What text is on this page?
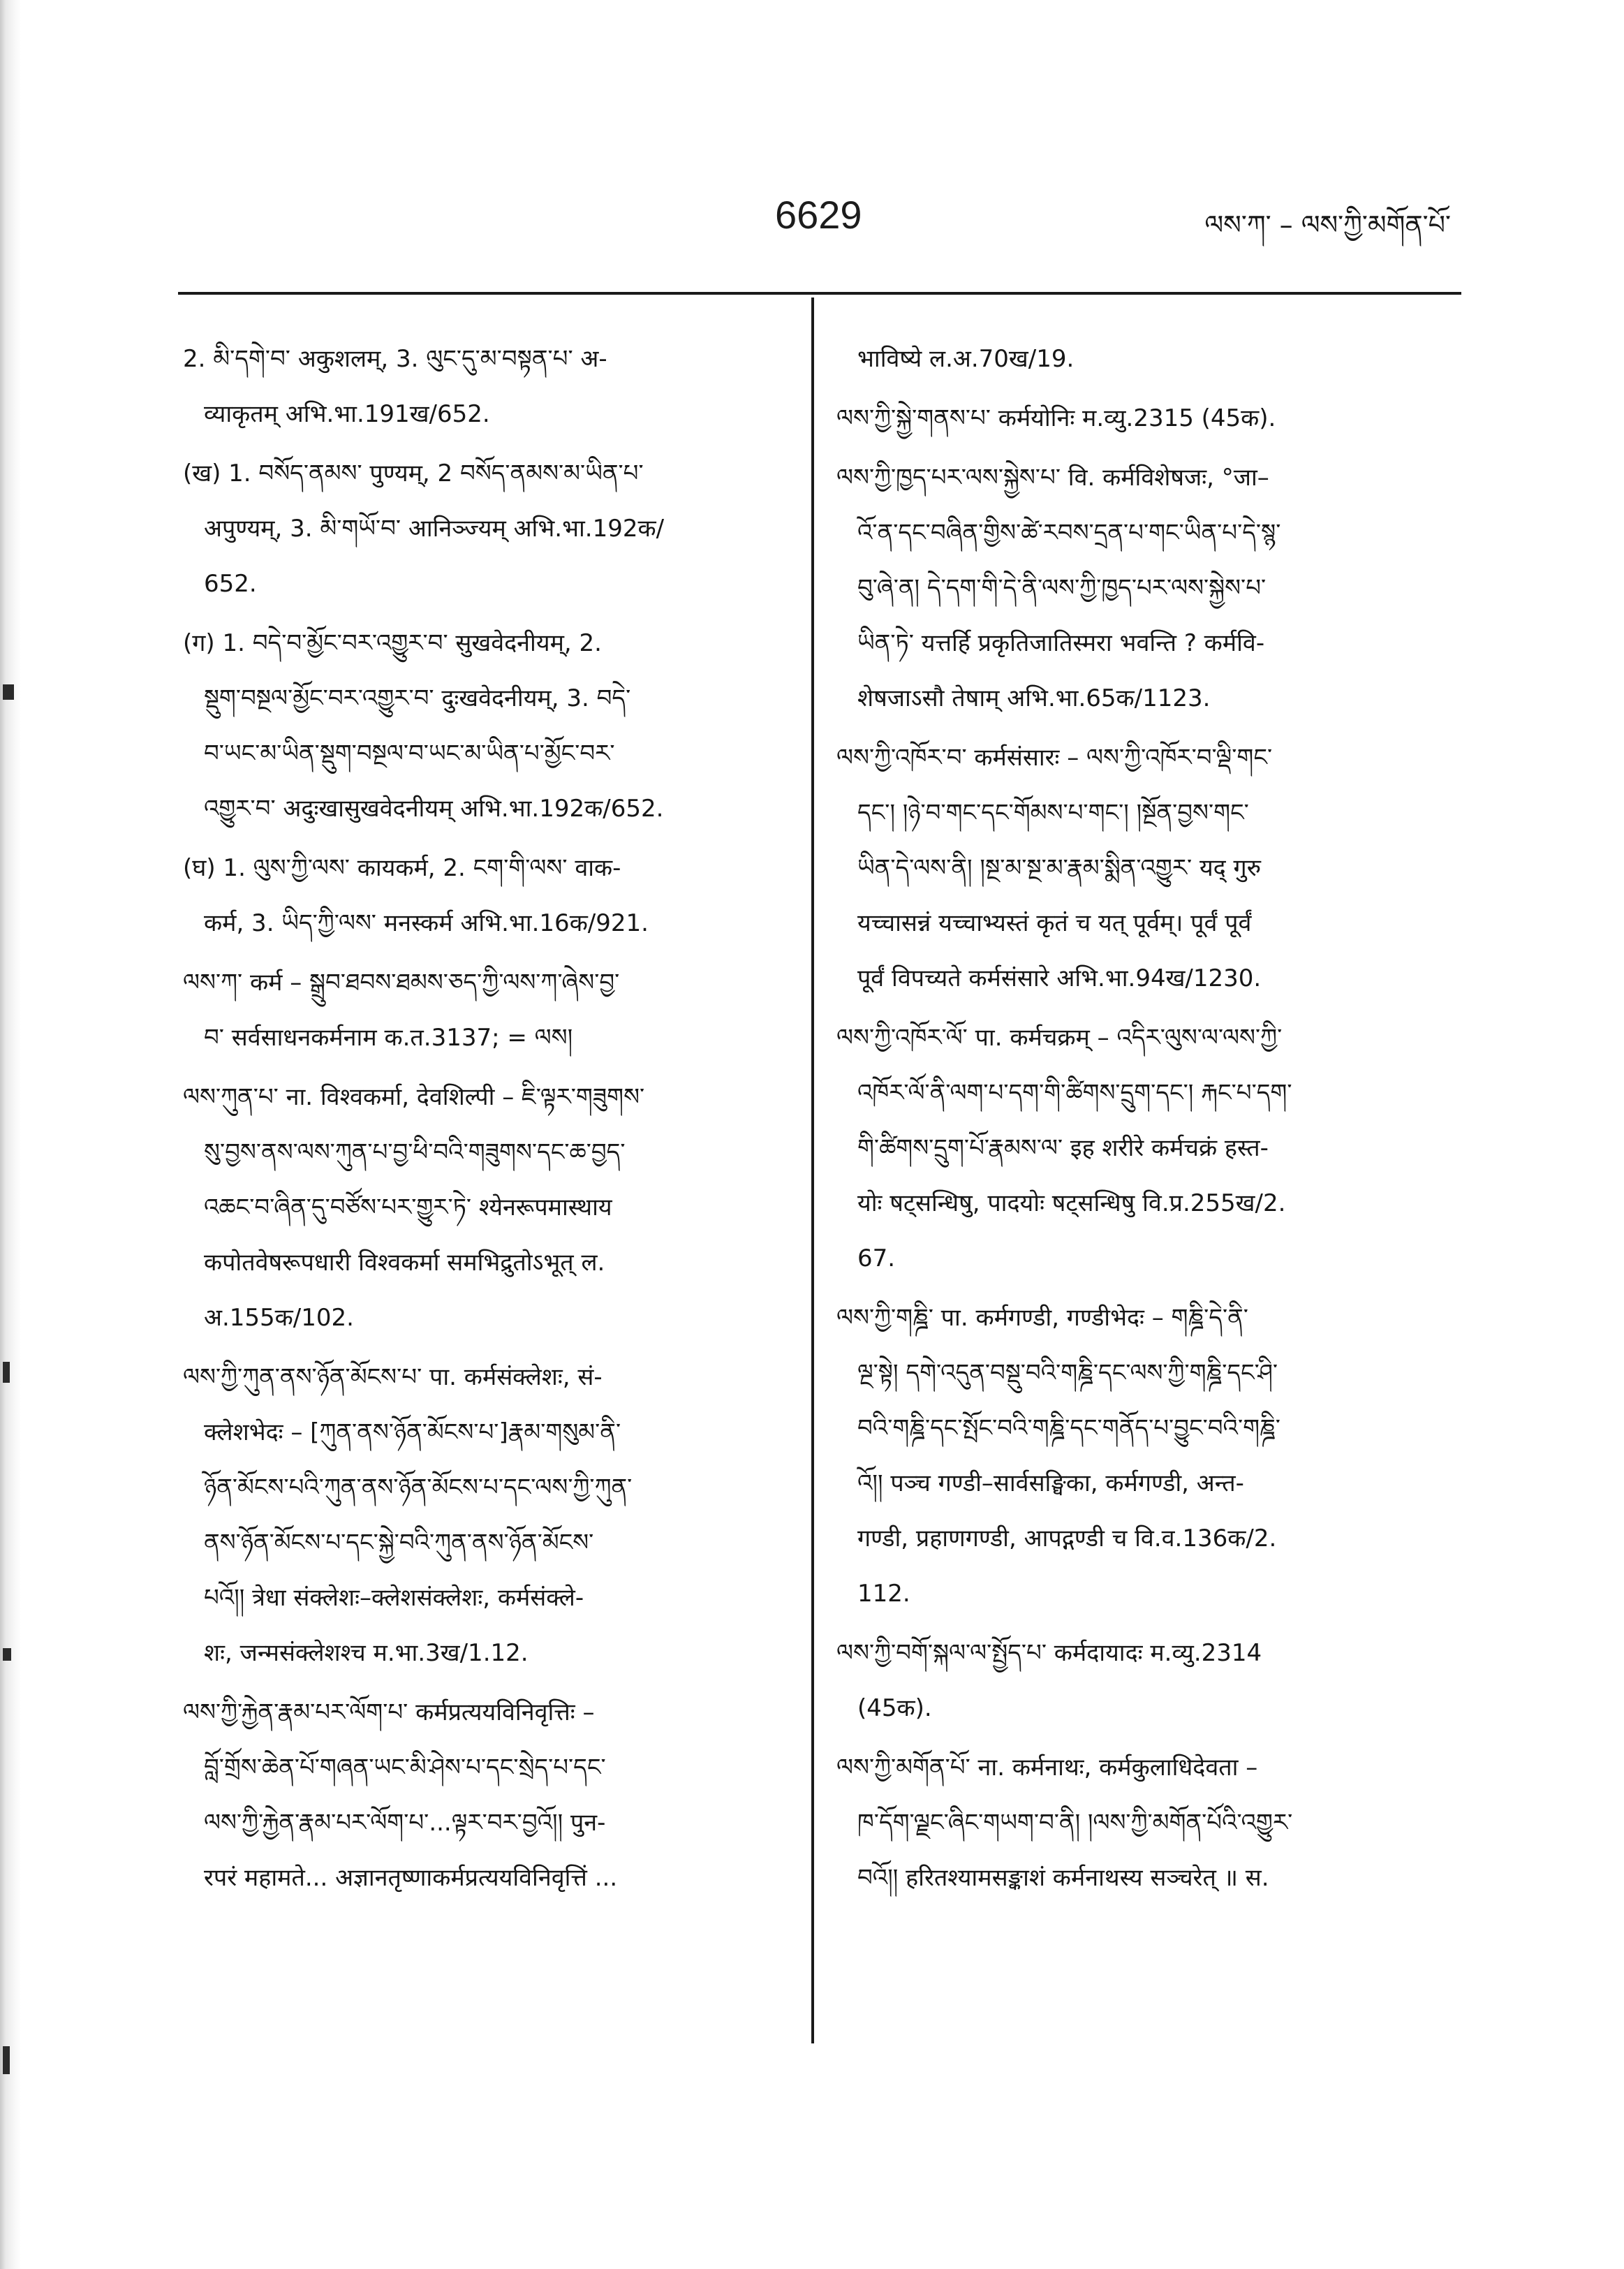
6629	ལས་ཀ་ – ལས་ཀྱི་མགོན་པོ་

2. མི་དགེ་བ་ अकुशलम्, 3. ལུང་དུ་མ་བསྟན་པ་ अ-

व्याकृतम् अभि.भा.191ख/652.

(ख) 1. བསོད་ནམས་ पुण्यम्, 2 བསོད་ནམས་མ་ཡིན་པ་

अपुण्यम्, 3. མི་གཡོ་བ་ आनिञ्ज्यम् अभि.भा.192क/

652.

(ग) 1. བདེ་བ་མྱོང་བར་འགྱུར་བ་ सुखवेदनीयम्, 2.

སྡུག་བསྔལ་མྱོང་བར་འགྱུར་བ་ दुःखवेदनीयम्, 3. བདེ་

བ་ཡང་མ་ཡིན་སྡུག་བསྔལ་བ་ཡང་མ་ཡིན་པ་མྱོང་བར་

འགྱུར་བ་ अदुःखासुखवेदनीयम् अभि.भा.192क/652.

(घ) 1. ལུས་ཀྱི་ལས་ कायकर्म, 2. ངག་གི་ལས་ वाक-

कर्म, 3. ཡིད་ཀྱི་ལས་ मनस्कर्म अभि.भा.16क/921.

ལས་ཀ་ कर्म – སྒྲུབ་ཐབས་ཐམས་ཅད་ཀྱི་ལས་ཀ་ཞེས་བྱ་

བ་ सर्वसाधनकर्मनाम क.त.3137; = ལས།

ལས་ཀུན་པ་ ना. विश्वकर्मा, देवशिल्पी – ཇི་ལྟར་གཟུགས་

སུ་བྱས་ནས་ལས་ཀུན་པ་བྱ་ཕི་བའི་གཟུགས་དང་ཆ་བྱད་

འཆང་བ་ཞིན་དུ་བཙོས་པར་གྱུར་ཏེ་ श्येनरूपमास्थाय

कपोतवेषरूपधारी विश्वकर्मा समभिद्रुतोऽभूत् ल.

अ.155क/102.

ལས་ཀྱི་ཀུན་ནས་ཉོན་མོངས་པ་ पा. कर्मसंक्लेशः, सं-

क्लेशभेदः – [ཀུན་ནས་ཉོན་མོངས་པ་]རྣམ་གསུམ་ནི་

ཉོན་མོངས་པའི་ཀུན་ནས་ཉོན་མོངས་པ་དང་ལས་ཀྱི་ཀུན་

ནས་ཉོན་མོངས་པ་དང་སྐྱེ་བའི་ཀུན་ནས་ཉོན་མོངས་

པའོ།། त्रेधा संक्लेशः–क्लेशसंक्लेशः, कर्मसंक्ले-

शः, जन्मसंक्लेशश्च म.भा.3ख/1.12.

ལས་ཀྱི་རྐྱེན་རྣམ་པར་ལོག་པ་ कर्मप्रत्ययविनिवृत्तिः –

བློ་གྲོས་ཆེན་པོ་གཞན་ཡང་མི་ཤེས་པ་དང་སྲེད་པ་དང་

ལས་ཀྱི་རྐྱེན་རྣམ་པར་ལོག་པ་...ལྟར་བར་བྱའོ།། पुन-

रपरं महामते... अज्ञानतृष्णाकर्मप्रत्ययविनिवृत्तिं ...

भाविष्ये ल.अ.70ख/19.

ལས་ཀྱི་སྐྱེ་གནས་པ་ कर्मयोनिः म.व्यु.2315 (45क).

ལས་ཀྱི་ཁྱད་པར་ལས་སྐྱེས་པ་ वि. कर्मविशेषजः, °जा–

འོ་ན་དང་བཞིན་གྱིས་ཚེ་རབས་དྲན་པ་གང་ཡིན་པ་དེ་སྙ་

བུ་ཞེ་ན། དེ་དག་གི་དེ་ནི་ལས་ཀྱི་ཁྱད་པར་ལས་སྐྱེས་པ་

ཡིན་ཏེ་ यत्तर्हि प्रकृतिजातिस्मरा भवन्ति ? कर्मवि-

शेषजाऽसौ तेषाम् अभि.भा.65क/1123.

ལས་ཀྱི་འཁོར་བ་ कर्मसंसारः – ལས་ཀྱི་འཁོར་བ་ལྡི་གང་

དང་། །ཉེ་བ་གང་དང་གོམས་པ་གང་། །སྔོན་བྱས་གང་

ཡིན་དེ་ལས་ནི། །སྔ་མ་སྔ་མ་རྣམ་སྨིན་འགྱུར་ यद् गुरु

यच्चासन्नं यच्चाभ्यस्तं कृतं च यत् पूर्वम्। पूर्वं पूर्वं

पूर्वं विपच्यते कर्मसंसारे अभि.भा.94ख/1230.

ལས་ཀྱི་འཁོར་ལོ་ पा. कर्मचक्रम् – འདིར་ལུས་ལ་ལས་ཀྱི་

འཁོར་ལོ་ནི་ལག་པ་དག་གི་ཚིགས་དྲུག་དང་། རྐང་པ་དག་

གི་ཚིགས་དྲུག་པོ་རྣམས་ལ་ इह शरीरे कर्मचक्रं हस्त-

योः षट्सन्धिषु, पादयोः षट्सन्धिषु वि.प्र.255ख/2.

67.

ལས་ཀྱི་གཎྜི་ पा. कर्मगण्डी, गण्डीभेदः – གཎྜི་དེ་ནི་

ལྔ་སྟེ། དགེ་འདུན་བསྡུ་བའི་གཎྜི་དང་ལས་ཀྱི་གཎྜི་དང་ཤི་

བའི་གཎྜི་དང་སྤོང་བའི་གཎྜི་དང་གནོད་པ་བྱུང་བའི་གཎྜི་

འོ།། पञ्च गण्डी–सार्वसङ्घिका, कर्मगण्डी, अन्त-

गण्डी, प्रहाणगण्डी, आपद्गण्डी च वि.व.136क/2.

112.

ལས་ཀྱི་བགོ་སྐལ་ལ་སྤྱོད་པ་ कर्मदायादः म.व्यु.2314

(45क).

ལས་ཀྱི་མགོན་པོ་ ना. कर्मनाथः, कर्मकुलाधिदेवता –

ཁ་དོག་ལྗང་ཞིང་གཡག་བ་ནི། །ལས་ཀྱི་མགོན་པོའི་འགྱུར་

བའོ།། हरितश्यामसङ्काशं कर्मनाथस्य सञ्चरेत् ॥ स.
